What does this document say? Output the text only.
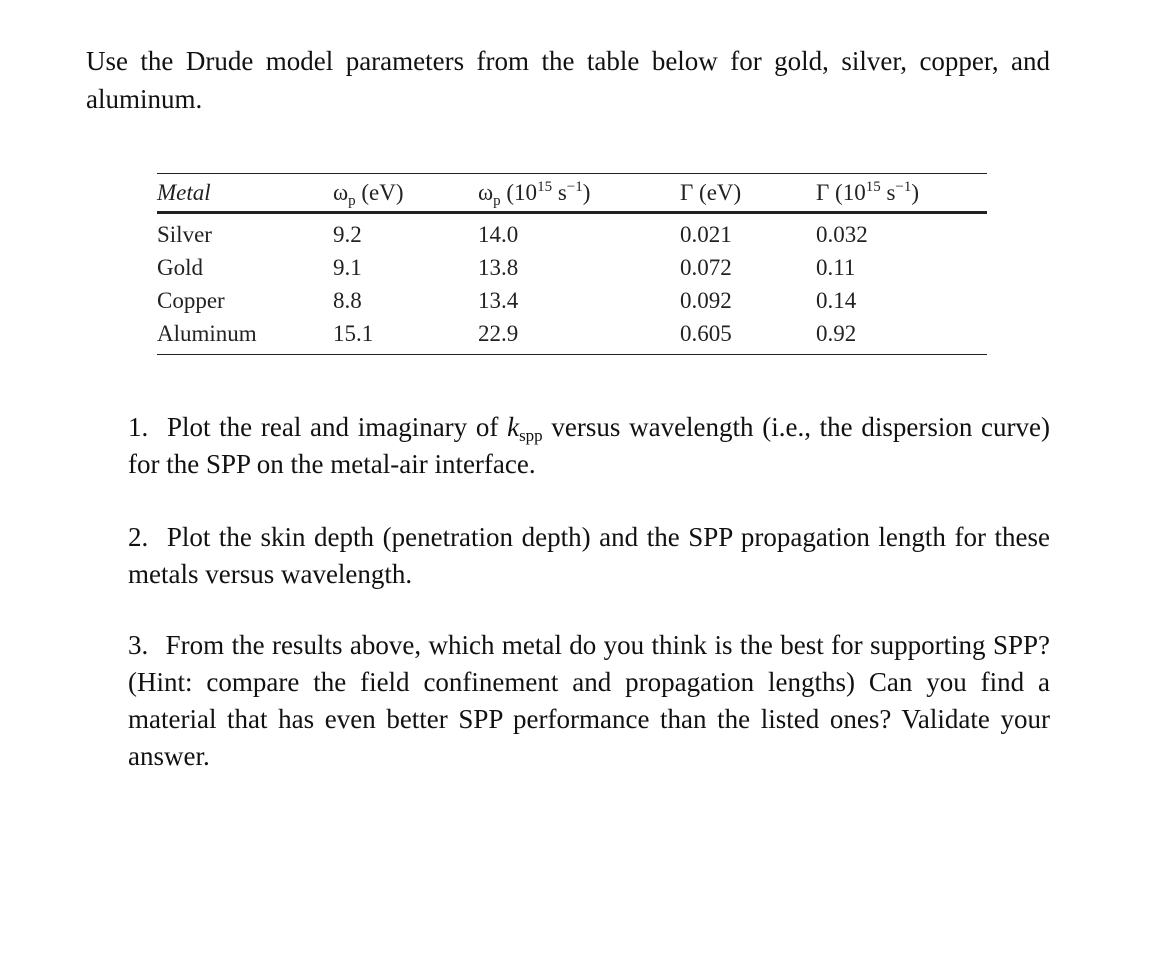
Use the Drude model parameters from the table below for gold, silver, copper, and aluminum.
Metal	$\omega_p$ (eV)	$\omega_p$ ($10^{15}$ $s^{-1}$)	Γ (eV)	Γ ($10^{15}$ $s^{-1}$)
Silver	9.2	14.0	0.021	0.032
Gold	9.1	13.8	0.072	0.11
Copper	8.8	13.4	0.092	0.14
Aluminum	15.1	22.9	0.605	0.92
1. Plot the real and imaginary of $k_{spp}$ versus wavelength (i.e., the dispersion curve) for the SPP on the metal-air interface.
2. Plot the skin depth (penetration depth) and the SPP propagation length for these metals versus wavelength.
3. From the results above, which metal do you think is the best for supporting SPP? (Hint: compare the field confinement and propagation lengths) Can you find a material that has even better SPP performance than the listed ones? Validate your answer.
